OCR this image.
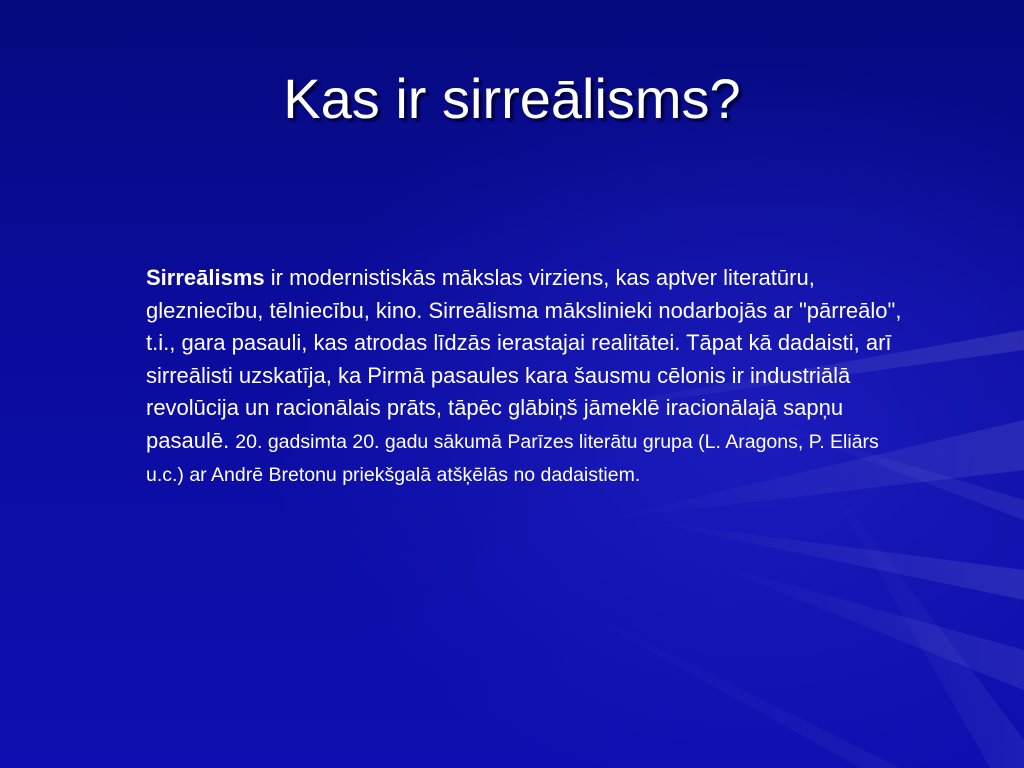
Kas ir sirreālisms?

Sirreālisms ir modernistiskās mākslas virziens, kas aptver literatūru, glezniecību, tēlniecību, kino. Sirreālisma mākslinieki nodarbojās ar "pārreālo", t.i., gara pasauli, kas atrodas līdzās ierastajai realitātei. Tāpat kā dadaisti, arī sirreālisti uzskatīja, ka Pirmā pasaules kara šausmu cēlonis ir industriālā revolūcija un racionālais prāts, tāpēc glābiņš jāmeklē iracionālajā sapņu pasaulē. 20. gadsimta 20. gadu sākumā Parīzes literātu grupa (L. Aragons, P. Eliārs u.c.) ar Andrē Bretonu priekšgalā atšķēlās no dadaistiem.
